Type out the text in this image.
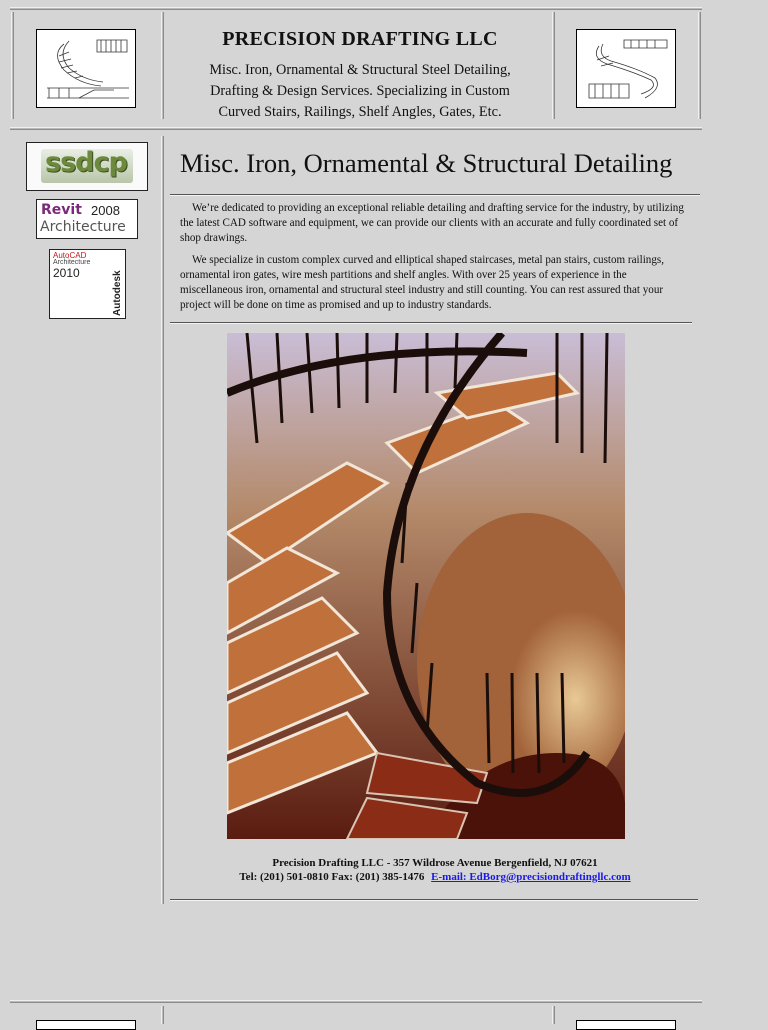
PRECISION DRAFTING LLC
Misc. Iron, Ornamental & Structural Steel Detailing,
Drafting & Design Services. Specializing in Custom
Curved Stairs, Railings, Shelf Angles, Gates, Etc.
ssdcp
Revit 2008
Architecture
AutoCAD
Architecture
2010	Autodesk
Misc. Iron, Ornamental & Structural Detailing

We’re dedicated to providing an exceptional reliable detailing and drafting service for the industry, by utilizing the latest CAD software and equipment, we can provide our clients with an accurate and fully coordinated set of shop drawings.

We specialize in custom complex curved and elliptical shaped staircases, metal pan stairs, custom railings, ornamental iron gates, wire mesh partitions and shelf angles. With over 25 years of experience in the miscellaneous iron, ornamental and structural steel industry and still counting. You can rest assured that your project will be done on time as promised and up to industry standards.

Precision Drafting LLC - 357 Wildrose Avenue Bergenfield, NJ 07621
Tel: (201) 501-0810 Fax: (201) 385-1476 E-mail: EdBorg@precisiondraftingllc.com
